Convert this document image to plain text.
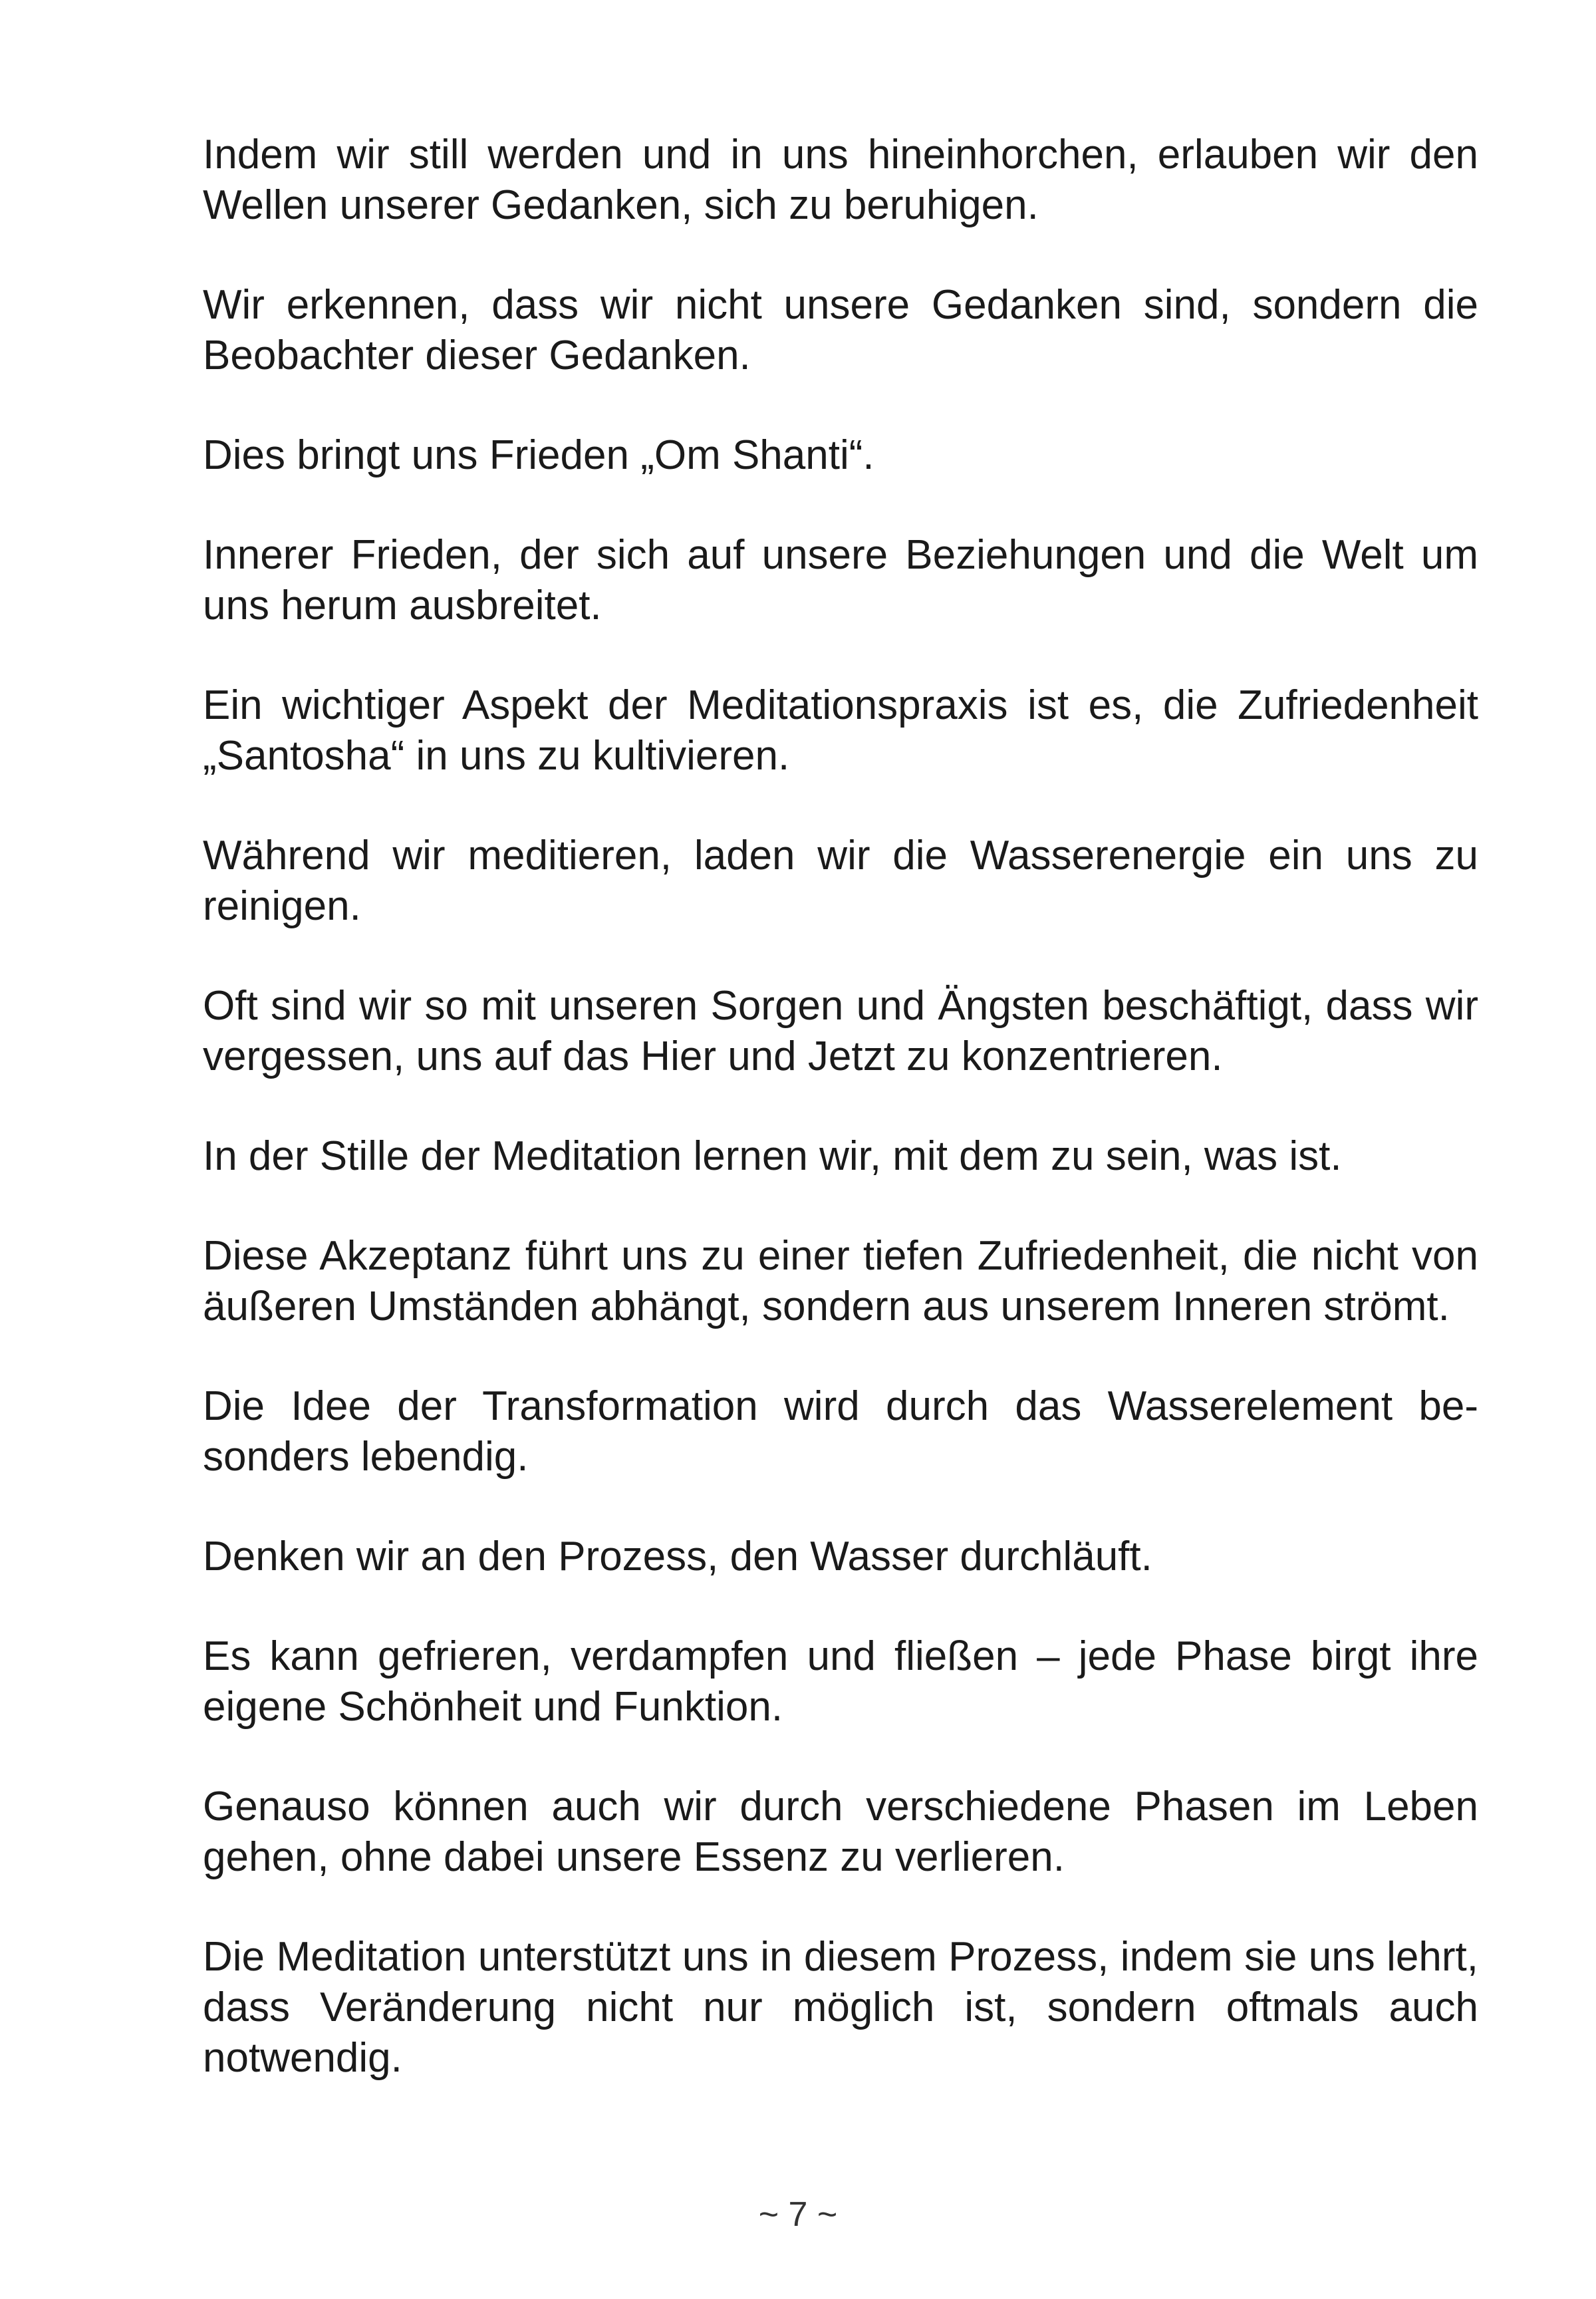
Indem wir still werden und in uns hineinhorchen, erlauben wir den Wellen unserer Gedanken, sich zu beruhigen.

Wir erkennen, dass wir nicht unsere Gedanken sind, sondern die Beobachter dieser Gedanken.

Dies bringt uns Frieden „Om Shanti“.

Innerer Frieden, der sich auf unsere Beziehungen und die Welt um uns herum ausbreitet.

Ein wichtiger Aspekt der Meditationspraxis ist es, die Zufriedenheit „Santosha“ in uns zu kultivieren.

Während wir meditieren, laden wir die Wasserenergie ein uns zu reinigen.

Oft sind wir so mit unseren Sorgen und Ängsten beschäftigt, dass wir vergessen, uns auf das Hier und Jetzt zu konzentrieren.

In der Stille der Meditation lernen wir, mit dem zu sein, was ist.

Diese Akzeptanz führt uns zu einer tiefen Zufriedenheit, die nicht von äußeren Umständen abhängt, sondern aus unserem Inneren strömt.

Die Idee der Transformation wird durch das Wasserelement besonders lebendig.

Denken wir an den Prozess, den Wasser durchläuft.

Es kann gefrieren, verdampfen und fließen – jede Phase birgt ihre eigene Schönheit und Funktion.

Genauso können auch wir durch verschiedene Phasen im Leben gehen, ohne dabei unsere Essenz zu verlieren.

Die Meditation unterstützt uns in diesem Prozess, indem sie uns lehrt, dass Veränderung nicht nur möglich ist, sondern oftmals auch notwendig.

~ 7 ~
